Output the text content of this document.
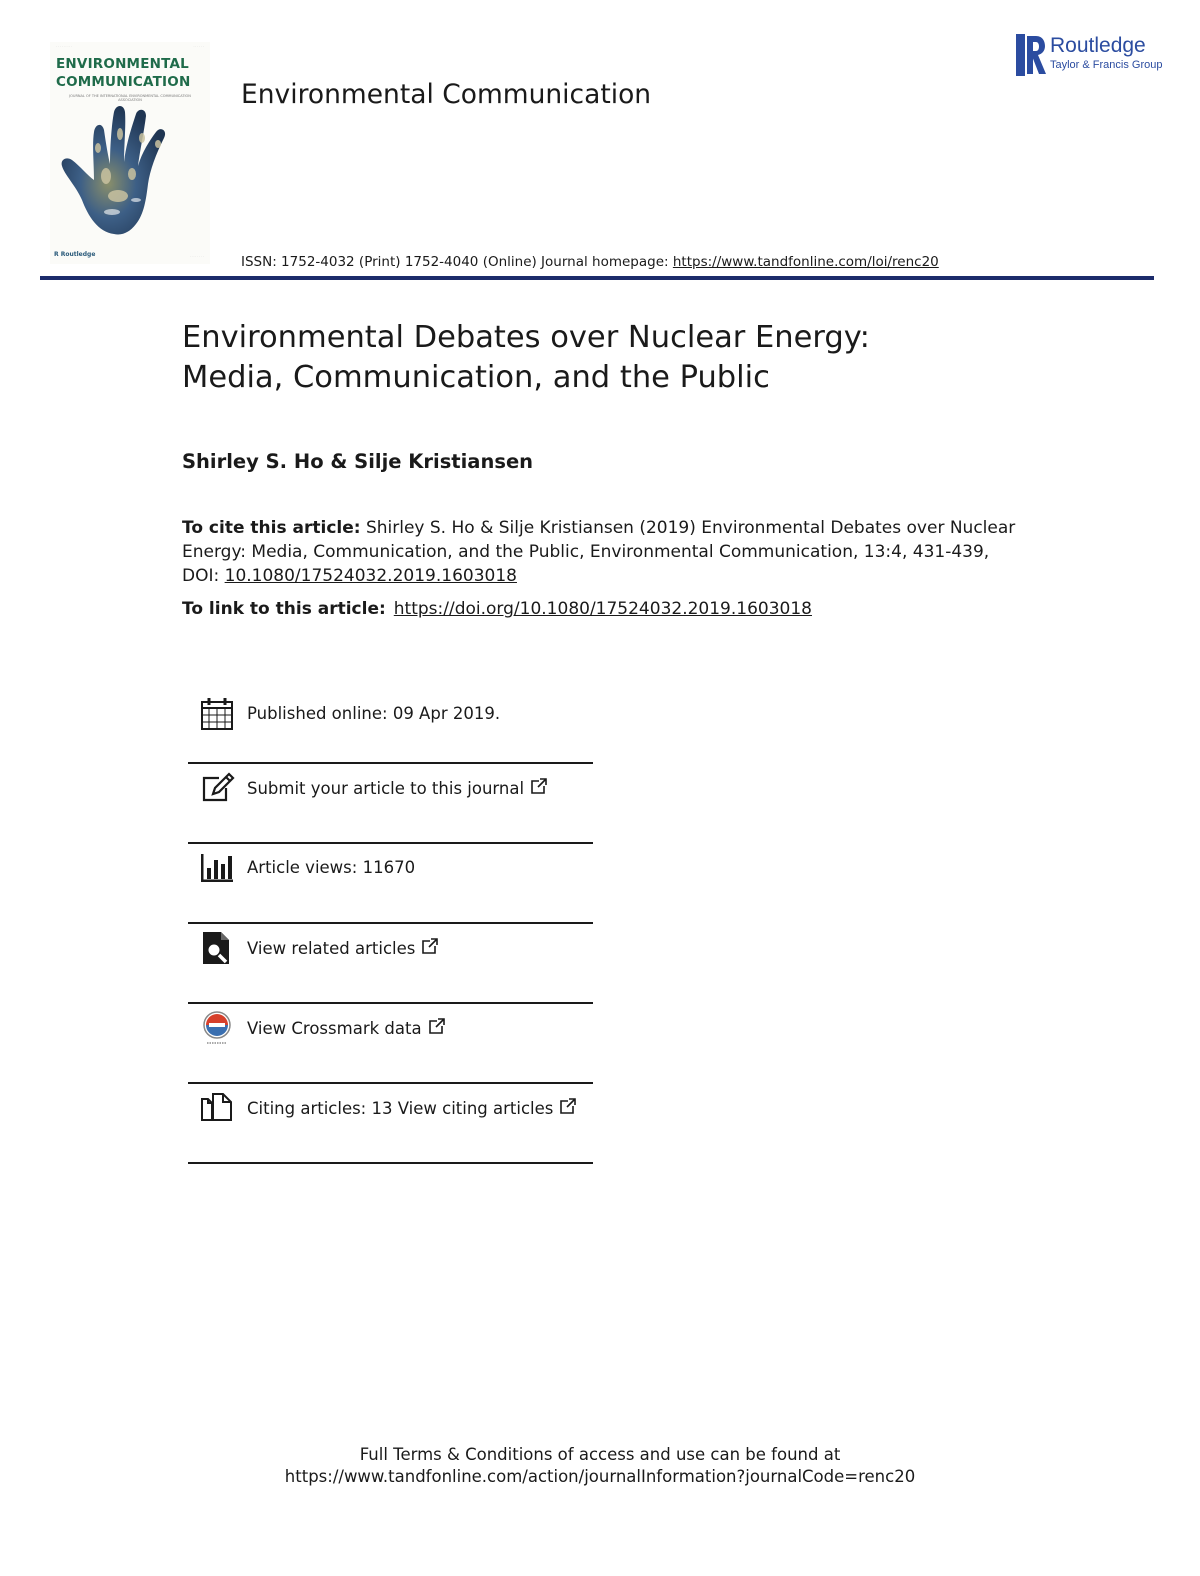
· · · · · · · · ·	· · · · · ·
ENVIRONMENTAL
COMMUNICATION
JOURNAL OF THE INTERNATIONAL ENVIRONMENTAL COMMUNICATION ASSOCIATION
R Routledge	· · · · · · · ·
Environmental Communication
ISSN: 1752-4032 (Print) 1752-4040 (Online) Journal homepage: https://www.tandfonline.com/loi/renc20
Routledge
Taylor & Francis Group
Environmental Debates over Nuclear Energy:
Media, Communication, and the Public
Shirley S. Ho & Silje Kristiansen
To cite this article: Shirley S. Ho & Silje Kristiansen (2019) Environmental Debates over Nuclear Energy: Media, Communication, and the Public, Environmental Communication, 13:4, 431-439, DOI: 10.1080/17524032.2019.1603018
To link to this article: https://doi.org/10.1080/17524032.2019.1603018
Published online: 09 Apr 2019.
Submit your article to this journal
Article views: 11670
View related articles
View Crossmark data
Citing articles: 13 View citing articles
Full Terms & Conditions of access and use can be found at
https://www.tandfonline.com/action/journalInformation?journalCode=renc20
